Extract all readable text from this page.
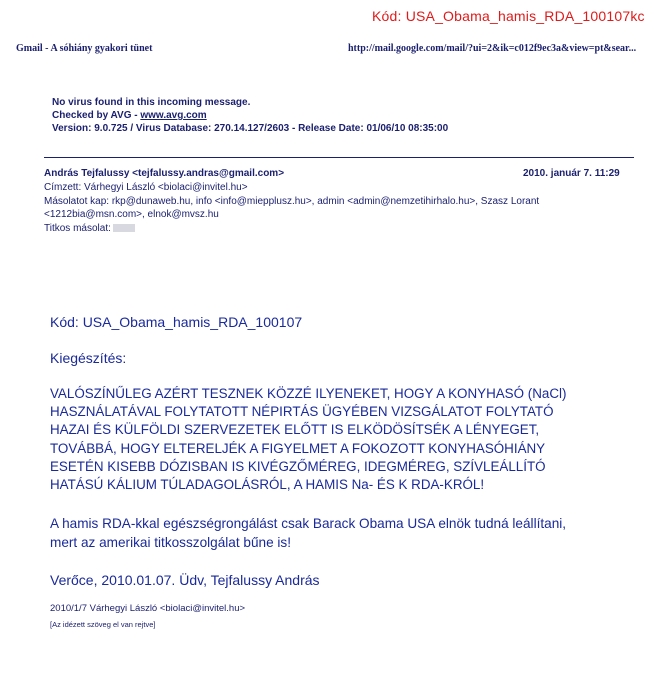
Kód: USA_Obama_hamis_RDA_100107kc
Gmail - A sóhiány gyakori tünet	http://mail.google.com/mail/?ui=2&ik=c012f9ec3a&view=pt&sear...
No virus found in this incoming message.
Checked by AVG - www.avg.com
Version: 9.0.725 / Virus Database: 270.14.127/2603 - Release Date: 01/06/10 08:35:00
András Tejfalussy <tejfalussy.andras@gmail.com>	2010. január 7. 11:29
Címzett: Várhegyi László <biolaci@invitel.hu>
Másolatot kap: rkp@dunaweb.hu, info <info@miepplusz.hu>, admin <admin@nemzetihirhalo.hu>, Szasz Lorant
<1212bia@msn.com>, elnok@mvsz.hu
Titkos másolat:
Kód: USA_Obama_hamis_RDA_100107
Kiegészítés:
VALÓSZÍNŰLEG AZÉRT TESZNEK KÖZZÉ ILYENEKET, HOGY A KONYHASÓ (NaCl)
HASZNÁLATÁVAL FOLYTATOTT NÉPIRTÁS ÜGYÉBEN VIZSGÁLATOT FOLYTATÓ
HAZAI ÉS KÜLFÖLDI SZERVEZETEK ELŐTT IS ELKÖDÖSÍTSÉK A LÉNYEGET,
TOVÁBBÁ, HOGY ELTERELJÉK A FIGYELMET A FOKOZOTT KONYHASÓHIÁNY
ESETÉN KISEBB DÓZISBAN IS KIVÉGZŐMÉREG, IDEGMÉREG, SZÍVLEÁLLÍTÓ
HATÁSÚ KÁLIUM TÚLADAGOLÁSRÓL, A HAMIS Na- ÉS K RDA-KRÓL!
A hamis RDA-kkal egészségrongálást csak Barack Obama USA elnök tudná leállítani,
mert az amerikai titkosszolgálat bűne is!
Verőce, 2010.01.07. Üdv, Tejfalussy András
2010/1/7 Várhegyi László <biolaci@invitel.hu>
[Az idézett szöveg el van rejtve]
